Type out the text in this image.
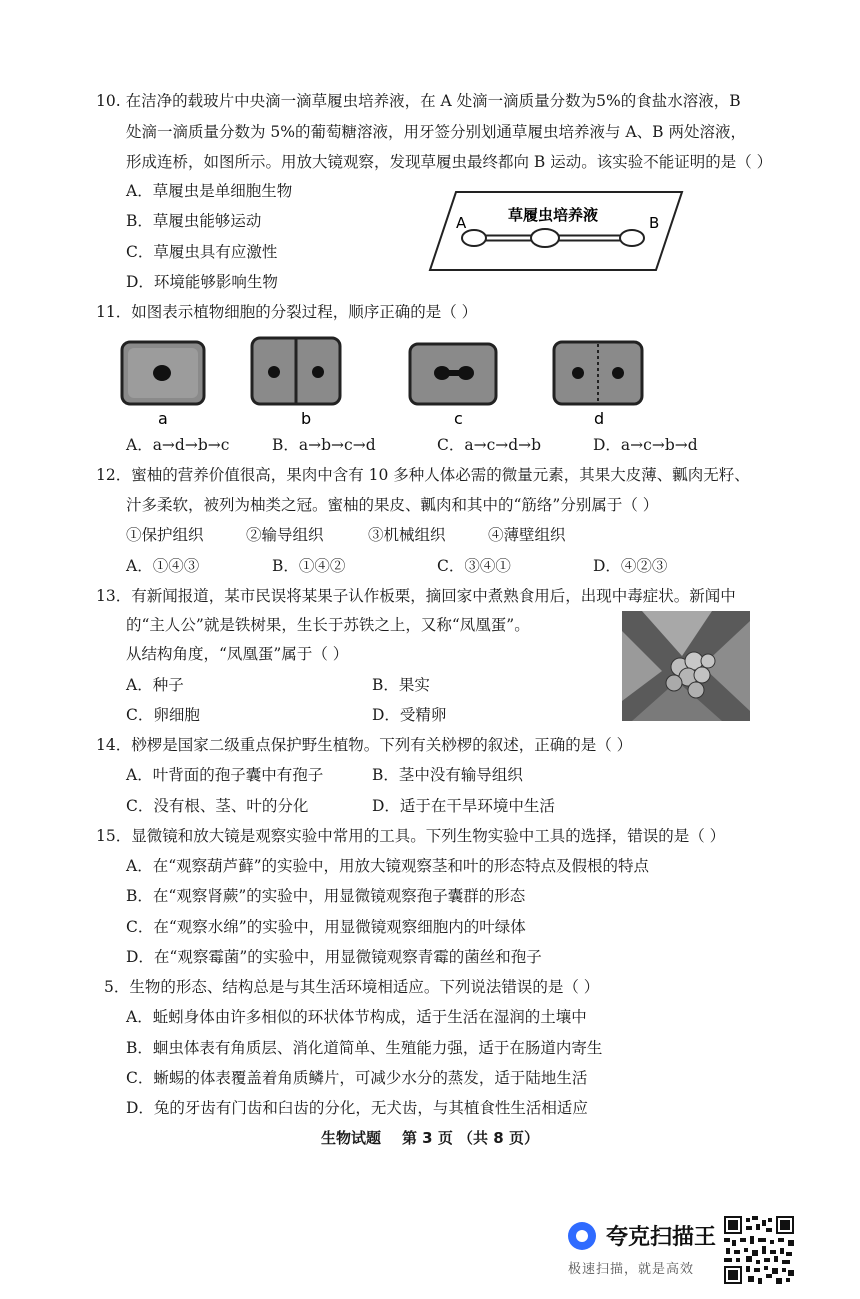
10. 在洁净的载玻片中央滴一滴草履虫培养液，在 A 处滴一滴质量分数为5%的食盐水溶液，B
处滴一滴质量分数为 5%的葡萄糖溶液，用牙签分别划通草履虫培养液与 A、B 两处溶液，
形成连桥，如图所示。用放大镜观察，发现草履虫最终都向 B 运动。该实验不能证明的是（ ）
A．草履虫是单细胞生物
B．草履虫能够运动
C．草履虫具有应激性
D．环境能够影响生物
A	B
草履虫培养液
11．如图表示植物细胞的分裂过程，顺序正确的是（ ）
a	b	c	d
A．a→d→b→c	B．a→b→c→d	C．a→c→d→b	D．a→c→b→d
12．蜜柚的营养价值很高，果肉中含有 10 多种人体必需的微量元素，其果大皮薄、瓤肉无籽、
汁多柔软，被列为柚类之冠。蜜柚的果皮、瓤肉和其中的“筋络”分别属于（ ）
①保护组织	②输导组织	③机械组织	④薄壁组织
A．①④③	B．①④②	C．③④①	D．④②③
13．有新闻报道，某市民误将某果子认作板栗，摘回家中煮熟食用后，出现中毒症状。新闻中
的“主人公”就是铁树果，生长于苏铁之上，又称“凤凰蛋”。
从结构角度，“凤凰蛋”属于（ ）
A．种子	B．果实
C．卵细胞	D．受精卵
14．桫椤是国家二级重点保护野生植物。下列有关桫椤的叙述，正确的是（ ）
A．叶背面的孢子囊中有孢子	B．茎中没有输导组织
C．没有根、茎、叶的分化	D．适于在干旱环境中生活
15．显微镜和放大镜是观察实验中常用的工具。下列生物实验中工具的选择，错误的是（ ）
A．在“观察葫芦藓”的实验中，用放大镜观察茎和叶的形态特点及假根的特点
B．在“观察肾蕨”的实验中，用显微镜观察孢子囊群的形态
C．在“观察水绵”的实验中，用显微镜观察细胞内的叶绿体
D．在“观察霉菌”的实验中，用显微镜观察青霉的菌丝和孢子
5．生物的形态、结构总是与其生活环境相适应。下列说法错误的是（ ）
A．蚯蚓身体由许多相似的环状体节构成，适于生活在湿润的土壤中
B．蛔虫体表有角质层、消化道简单、生殖能力强，适于在肠道内寄生
C．蜥蜴的体表覆盖着角质鳞片，可减少水分的蒸发，适于陆地生活
D．兔的牙齿有门齿和臼齿的分化，无犬齿，与其植食性生活相适应
生物试题 第 3 页 （共 8 页）
夸克扫描王
极速扫描，就是高效
